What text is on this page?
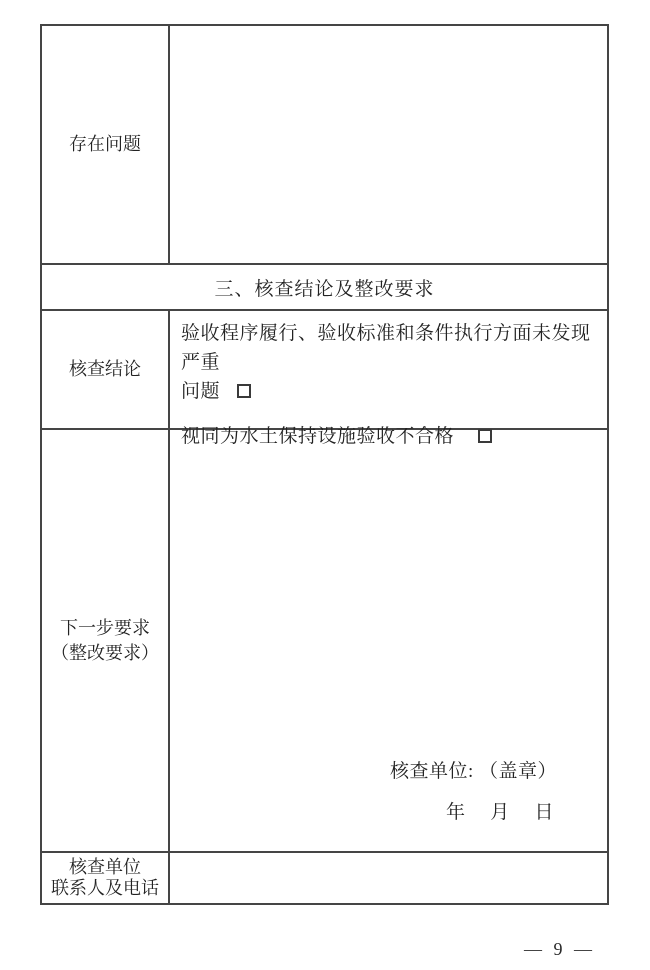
存在问题
三、核查结论及整改要求
核查结论
验收程序履行、验收标准和条件执行方面未发现严重
问题
视同为水土保持设施验收不合格
下一步要求
（整改要求）
核查单位: （盖章）
年　 月　 日
核查单位
联系人及电话
— 9 —
